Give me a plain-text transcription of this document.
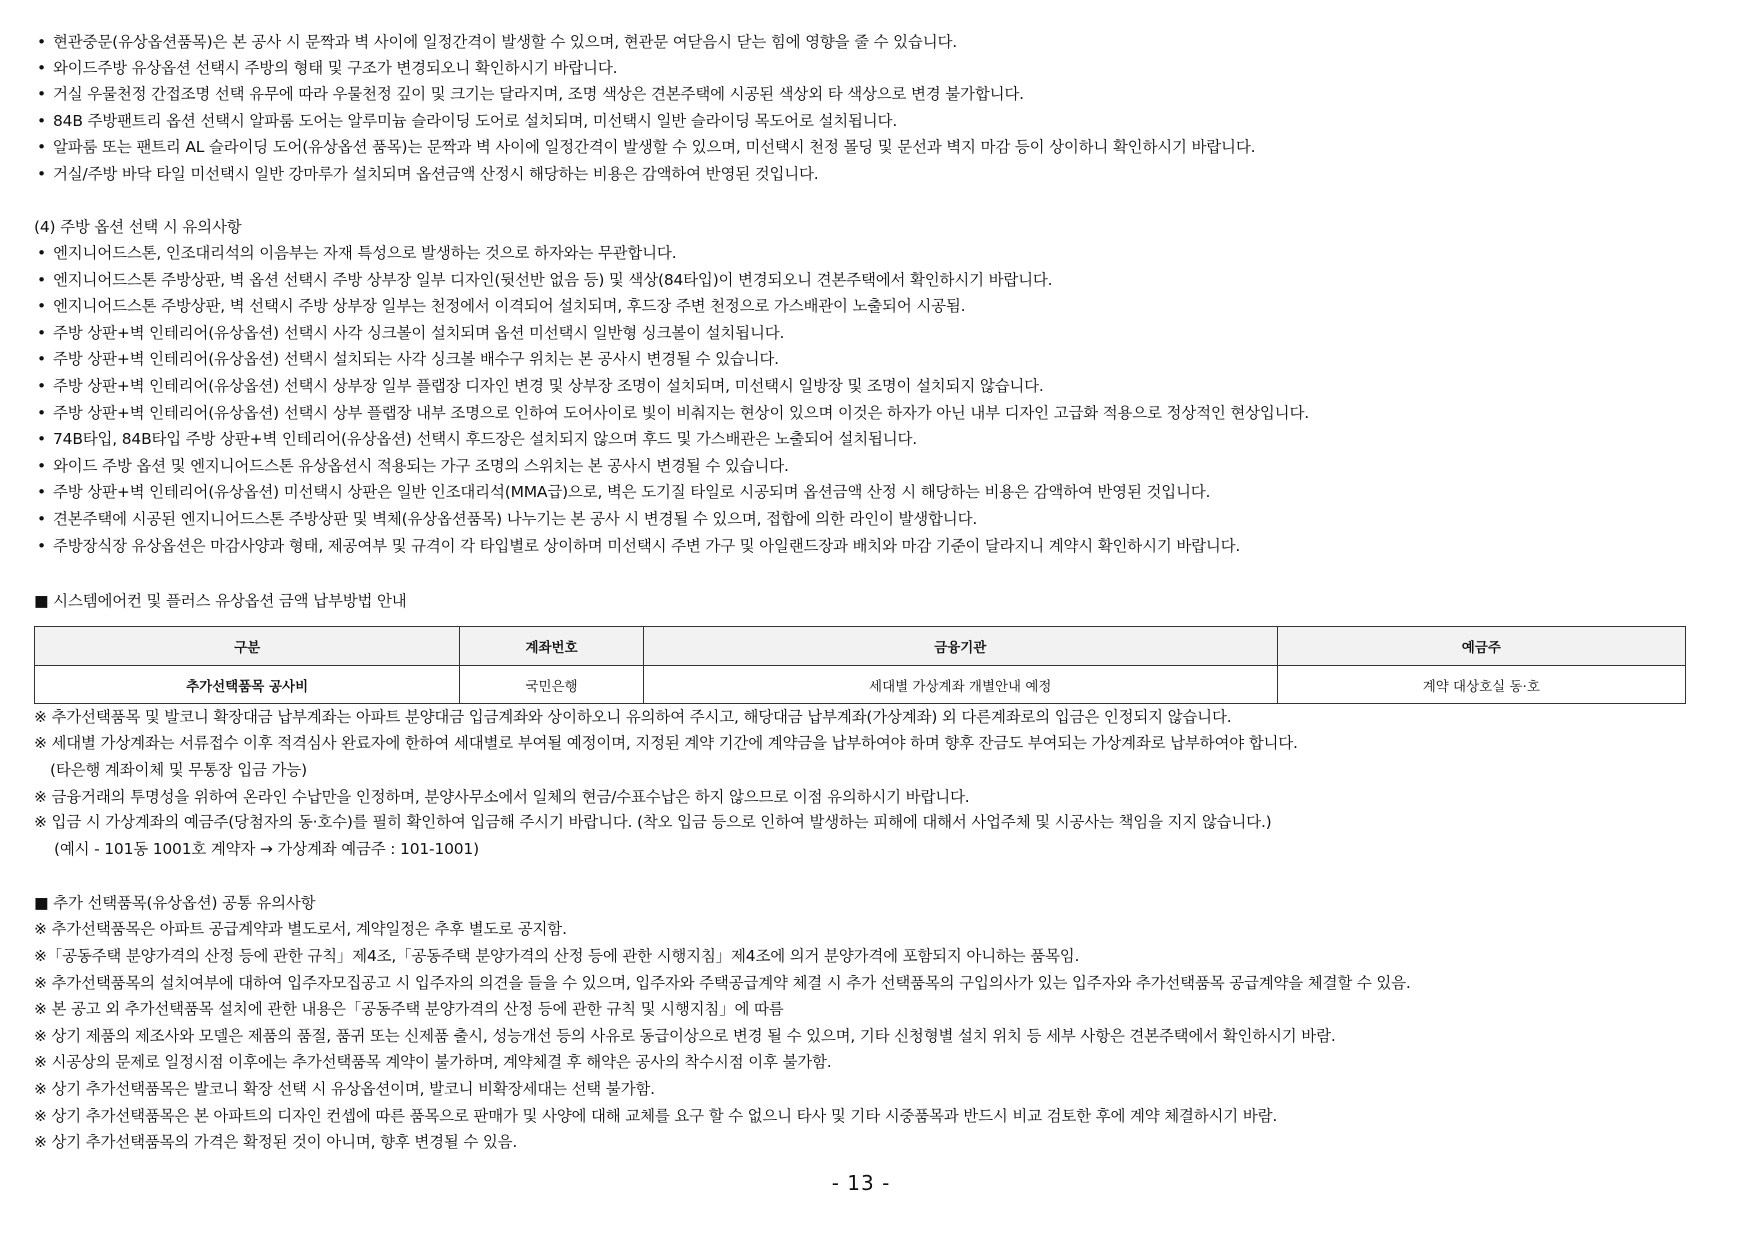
• 현관중문(유상옵션품목)은 본 공사 시 문짝과 벽 사이에 일정간격이 발생할 수 있으며, 현관문 여닫음시 닫는 힘에 영향을 줄 수 있습니다.
• 와이드주방 유상옵션 선택시 주방의 형태 및 구조가 변경되오니 확인하시기 바랍니다.
• 거실 우물천정 간접조명 선택 유무에 따라 우물천정 깊이 및 크기는 달라지며, 조명 색상은 견본주택에 시공된 색상외 타 색상으로 변경 불가합니다.
• 84B 주방팬트리 옵션 선택시 알파룸 도어는 알루미늄 슬라이딩 도어로 설치되며, 미선택시 일반 슬라이딩 목도어로 설치됩니다.
• 알파룸 또는 팬트리 AL 슬라이딩 도어(유상옵션 품목)는 문짝과 벽 사이에 일정간격이 발생할 수 있으며, 미선택시 천정 몰딩 및 문선과 벽지 마감 등이 상이하니 확인하시기 바랍니다.
• 거실/주방 바닥 타일 미선택시 일반 강마루가 설치되며 옵션금액 산정시 해당하는 비용은 감액하여 반영된 것입니다.
(4) 주방 옵션 선택 시 유의사항
• 엔지니어드스톤, 인조대리석의 이음부는 자재 특성으로 발생하는 것으로 하자와는 무관합니다.
• 엔지니어드스톤 주방상판, 벽 옵션 선택시 주방 상부장 일부 디자인(뒷선반 없음 등) 및 색상(84타입)이 변경되오니 견본주택에서 확인하시기 바랍니다.
• 엔지니어드스톤 주방상판, 벽 선택시 주방 상부장 일부는 천정에서 이격되어 설치되며, 후드장 주변 천정으로 가스배관이 노출되어 시공됨.
• 주방 상판+벽 인테리어(유상옵션) 선택시 사각 싱크볼이 설치되며 옵션 미선택시 일반형 싱크볼이 설치됩니다.
• 주방 상판+벽 인테리어(유상옵션) 선택시 설치되는 사각 싱크볼 배수구 위치는 본 공사시 변경될 수 있습니다.
• 주방 상판+벽 인테리어(유상옵션) 선택시 상부장 일부 플랩장 디자인 변경 및 상부장 조명이 설치되며, 미선택시 일방장 및 조명이 설치되지 않습니다.
• 주방 상판+벽 인테리어(유상옵션) 선택시 상부 플랩장 내부 조명으로 인하여 도어사이로 빛이 비춰지는 현상이 있으며 이것은 하자가 아닌 내부 디자인 고급화 적용으로 정상적인 현상입니다.
• 74B타입, 84B타입 주방 상판+벽 인테리어(유상옵션) 선택시 후드장은 설치되지 않으며 후드 및 가스배관은 노출되어 설치됩니다.
• 와이드 주방 옵션 및 엔지니어드스톤 유상옵션시 적용되는 가구 조명의 스위치는 본 공사시 변경될 수 있습니다.
• 주방 상판+벽 인테리어(유상옵션) 미선택시 상판은 일반 인조대리석(MMA급)으로, 벽은 도기질 타일로 시공되며 옵션금액 산정 시 해당하는 비용은 감액하여 반영된 것입니다.
• 견본주택에 시공된 엔지니어드스톤 주방상판 및 벽체(유상옵션품목) 나누기는 본 공사 시 변경될 수 있으며, 접합에 의한 라인이 발생합니다.
• 주방장식장 유상옵션은 마감사양과 형태, 제공여부 및 규격이 각 타입별로 상이하며 미선택시 주변 가구 및 아일랜드장과 배치와 마감 기준이 달라지니 계약시 확인하시기 바랍니다.
■ 시스템에어컨 및 플러스 유상옵션 금액 납부방법 안내
구분	계좌번호	금융기관	예금주
추가선택품목 공사비	국민은행	세대별 가상계좌 개별안내 예정	계약 대상호실 동·호
※ 추가선택품목 및 발코니 확장대금 납부계좌는 아파트 분양대금 입금계좌와 상이하오니 유의하여 주시고, 해당대금 납부계좌(가상계좌) 외 다른계좌로의 입금은 인정되지 않습니다.
※ 세대별 가상계좌는 서류접수 이후 적격심사 완료자에 한하여 세대별로 부여될 예정이며, 지정된 계약 기간에 계약금을 납부하여야 하며 향후 잔금도 부여되는 가상계좌로 납부하여야 합니다.
(타은행 계좌이체 및 무통장 입금 가능)
※ 금융거래의 투명성을 위하여 온라인 수납만을 인정하며, 분양사무소에서 일체의 현금/수표수납은 하지 않으므로 이점 유의하시기 바랍니다.
※ 입금 시 가상계좌의 예금주(당첨자의 동·호수)를 필히 확인하여 입금해 주시기 바랍니다. (착오 입금 등으로 인하여 발생하는 피해에 대해서 사업주체 및 시공사는 책임을 지지 않습니다.)
(예시 - 101동 1001호 계약자 → 가상계좌 예금주 : 101-1001)
■ 추가 선택품목(유상옵션) 공통 유의사항
※ 추가선택품목은 아파트 공급계약과 별도로서, 계약일정은 추후 별도로 공지함.
※「공동주택 분양가격의 산정 등에 관한 규칙」제4조,「공동주택 분양가격의 산정 등에 관한 시행지침」제4조에 의거 분양가격에 포함되지 아니하는 품목임.
※ 추가선택품목의 설치여부에 대하여 입주자모집공고 시 입주자의 의견을 들을 수 있으며, 입주자와 주택공급계약 체결 시 추가 선택품목의 구입의사가 있는 입주자와 추가선택품목 공급계약을 체결할 수 있음.
※ 본 공고 외 추가선택품목 설치에 관한 내용은「공동주택 분양가격의 산정 등에 관한 규칙 및 시행지침」에 따름
※ 상기 제품의 제조사와 모델은 제품의 품절, 품귀 또는 신제품 출시, 성능개선 등의 사유로 동급이상으로 변경 될 수 있으며, 기타 신청형별 설치 위치 등 세부 사항은 견본주택에서 확인하시기 바람.
※ 시공상의 문제로 일정시점 이후에는 추가선택품목 계약이 불가하며, 계약체결 후 해약은 공사의 착수시점 이후 불가함.
※ 상기 추가선택품목은 발코니 확장 선택 시 유상옵션이며, 발코니 비확장세대는 선택 불가함.
※ 상기 추가선택품목은 본 아파트의 디자인 컨셉에 따른 품목으로 판매가 및 사양에 대해 교체를 요구 할 수 없으니 타사 및 기타 시중품목과 반드시 비교 검토한 후에 계약 체결하시기 바람.
※ 상기 추가선택품목의 가격은 확정된 것이 아니며, 향후 변경될 수 있음.
- 13 -
